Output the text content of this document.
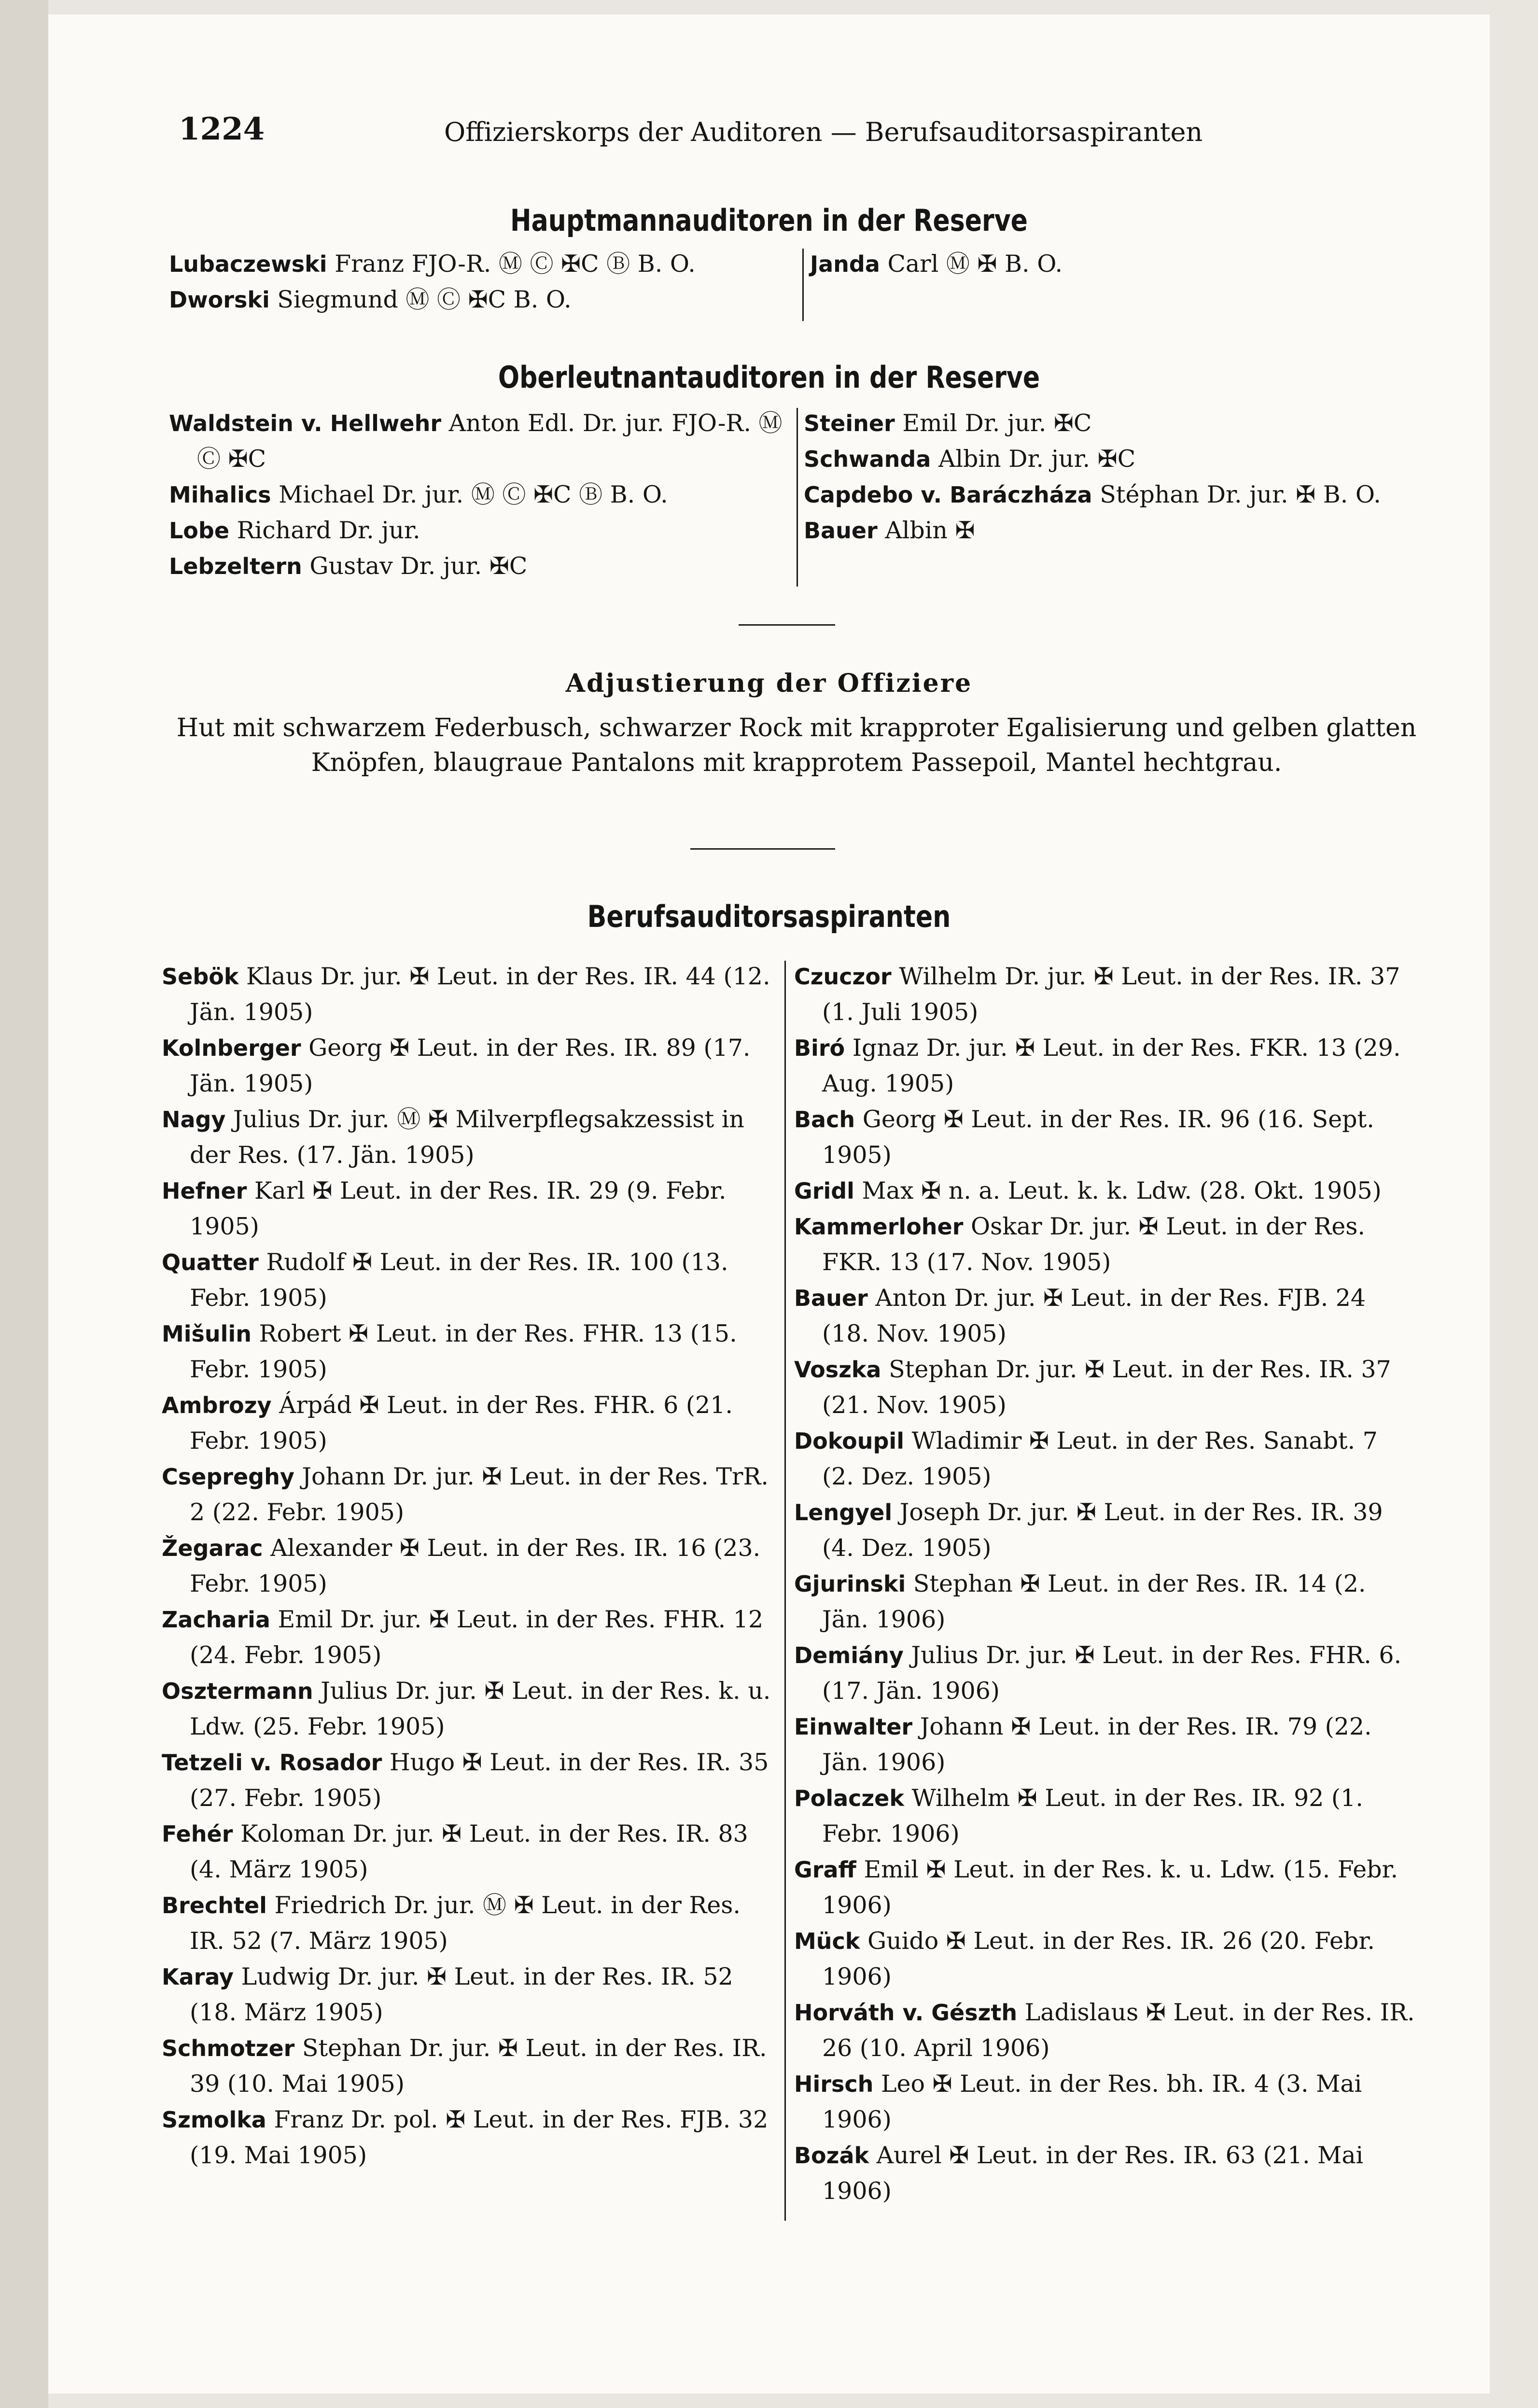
1224	Offizierskorps der Auditoren — Berufsauditorsaspiranten
Hauptmannauditoren in der Reserve

Lubaczewski Franz FJO-R. Ⓜ Ⓒ ✠C Ⓑ B. O.

Dworski Siegmund Ⓜ Ⓒ ✠C B. O.

Janda Carl Ⓜ ✠ B. O.

Oberleutnantauditoren in der Reserve

Waldstein v. Hellwehr Anton Edl. Dr. jur. FJO-R. Ⓜ Ⓒ ✠C

Mihalics Michael Dr. jur. Ⓜ Ⓒ ✠C Ⓑ B. O.

Lobe Richard Dr. jur.

Lebzeltern Gustav Dr. jur. ✠C

Steiner Emil Dr. jur. ✠C

Schwanda Albin Dr. jur. ✠C

Capdebo v. Baráczháza Stéphan Dr. jur. ✠ B. O.

Bauer Albin ✠

Adjustierung der Offiziere
Hut mit schwarzem Federbusch, schwarzer Rock mit krapproter Egalisierung und gelben glatten Knöpfen, blaugraue Pantalons mit krapprotem Passepoil, Mantel hechtgrau.
Berufsauditorsaspiranten

Sebök Klaus Dr. jur. ✠ Leut. in der Res. IR. 44 (12. Jän. 1905)

Kolnberger Georg ✠ Leut. in der Res. IR. 89 (17. Jän. 1905)

Nagy Julius Dr. jur. Ⓜ ✠ Milverpflegsakzessist in der Res. (17. Jän. 1905)

Hefner Karl ✠ Leut. in der Res. IR. 29 (9. Febr. 1905)

Quatter Rudolf ✠ Leut. in der Res. IR. 100 (13. Febr. 1905)

Mišulin Robert ✠ Leut. in der Res. FHR. 13 (15. Febr. 1905)

Ambrozy Árpád ✠ Leut. in der Res. FHR. 6 (21. Febr. 1905)

Csepreghy Johann Dr. jur. ✠ Leut. in der Res. TrR. 2 (22. Febr. 1905)

Žegarac Alexander ✠ Leut. in der Res. IR. 16 (23. Febr. 1905)

Zacharia Emil Dr. jur. ✠ Leut. in der Res. FHR. 12 (24. Febr. 1905)

Osztermann Julius Dr. jur. ✠ Leut. in der Res. k. u. Ldw. (25. Febr. 1905)

Tetzeli v. Rosador Hugo ✠ Leut. in der Res. IR. 35 (27. Febr. 1905)

Fehér Koloman Dr. jur. ✠ Leut. in der Res. IR. 83 (4. März 1905)

Brechtel Friedrich Dr. jur. Ⓜ ✠ Leut. in der Res. IR. 52 (7. März 1905)

Karay Ludwig Dr. jur. ✠ Leut. in der Res. IR. 52 (18. März 1905)

Schmotzer Stephan Dr. jur. ✠ Leut. in der Res. IR. 39 (10. Mai 1905)

Szmolka Franz Dr. pol. ✠ Leut. in der Res. FJB. 32 (19. Mai 1905)

Czuczor Wilhelm Dr. jur. ✠ Leut. in der Res. IR. 37 (1. Juli 1905)

Biró Ignaz Dr. jur. ✠ Leut. in der Res. FKR. 13 (29. Aug. 1905)

Bach Georg ✠ Leut. in der Res. IR. 96 (16. Sept. 1905)

Gridl Max ✠ n. a. Leut. k. k. Ldw. (28. Okt. 1905)

Kammerloher Oskar Dr. jur. ✠ Leut. in der Res. FKR. 13 (17. Nov. 1905)

Bauer Anton Dr. jur. ✠ Leut. in der Res. FJB. 24 (18. Nov. 1905)

Voszka Stephan Dr. jur. ✠ Leut. in der Res. IR. 37 (21. Nov. 1905)

Dokoupil Wladimir ✠ Leut. in der Res. Sanabt. 7 (2. Dez. 1905)

Lengyel Joseph Dr. jur. ✠ Leut. in der Res. IR. 39 (4. Dez. 1905)

Gjurinski Stephan ✠ Leut. in der Res. IR. 14 (2. Jän. 1906)

Demiány Julius Dr. jur. ✠ Leut. in der Res. FHR. 6. (17. Jän. 1906)

Einwalter Johann ✠ Leut. in der Res. IR. 79 (22. Jän. 1906)

Polaczek Wilhelm ✠ Leut. in der Res. IR. 92 (1. Febr. 1906)

Graff Emil ✠ Leut. in der Res. k. u. Ldw. (15. Febr. 1906)

Mück Guido ✠ Leut. in der Res. IR. 26 (20. Febr. 1906)

Horváth v. Gészth Ladislaus ✠ Leut. in der Res. IR. 26 (10. April 1906)

Hirsch Leo ✠ Leut. in der Res. bh. IR. 4 (3. Mai 1906)

Bozák Aurel ✠ Leut. in der Res. IR. 63 (21. Mai 1906)
